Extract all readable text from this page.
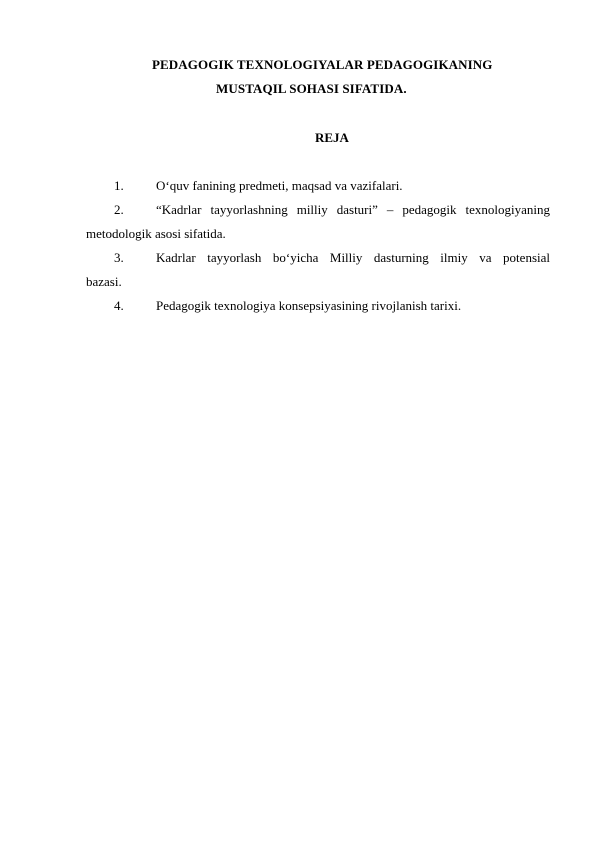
PEDAGOGIK TEXNOLOGIYALAR PEDAGOGIKANING
MUSTAQIL SOHASI SIFATIDA.
REJA
1. O‘quv fanining predmeti, maqsad va vazifalari.
2. “Kadrlar tayyorlashning milliy dasturi” – pedagogik texnologiyaning
metodologik asosi sifatida.
3. Kadrlar tayyorlash bo‘yicha Milliy dasturning ilmiy va potensial
bazasi.
4. Pedagogik texnologiya konsepsiyasining rivojlanish tarixi.
